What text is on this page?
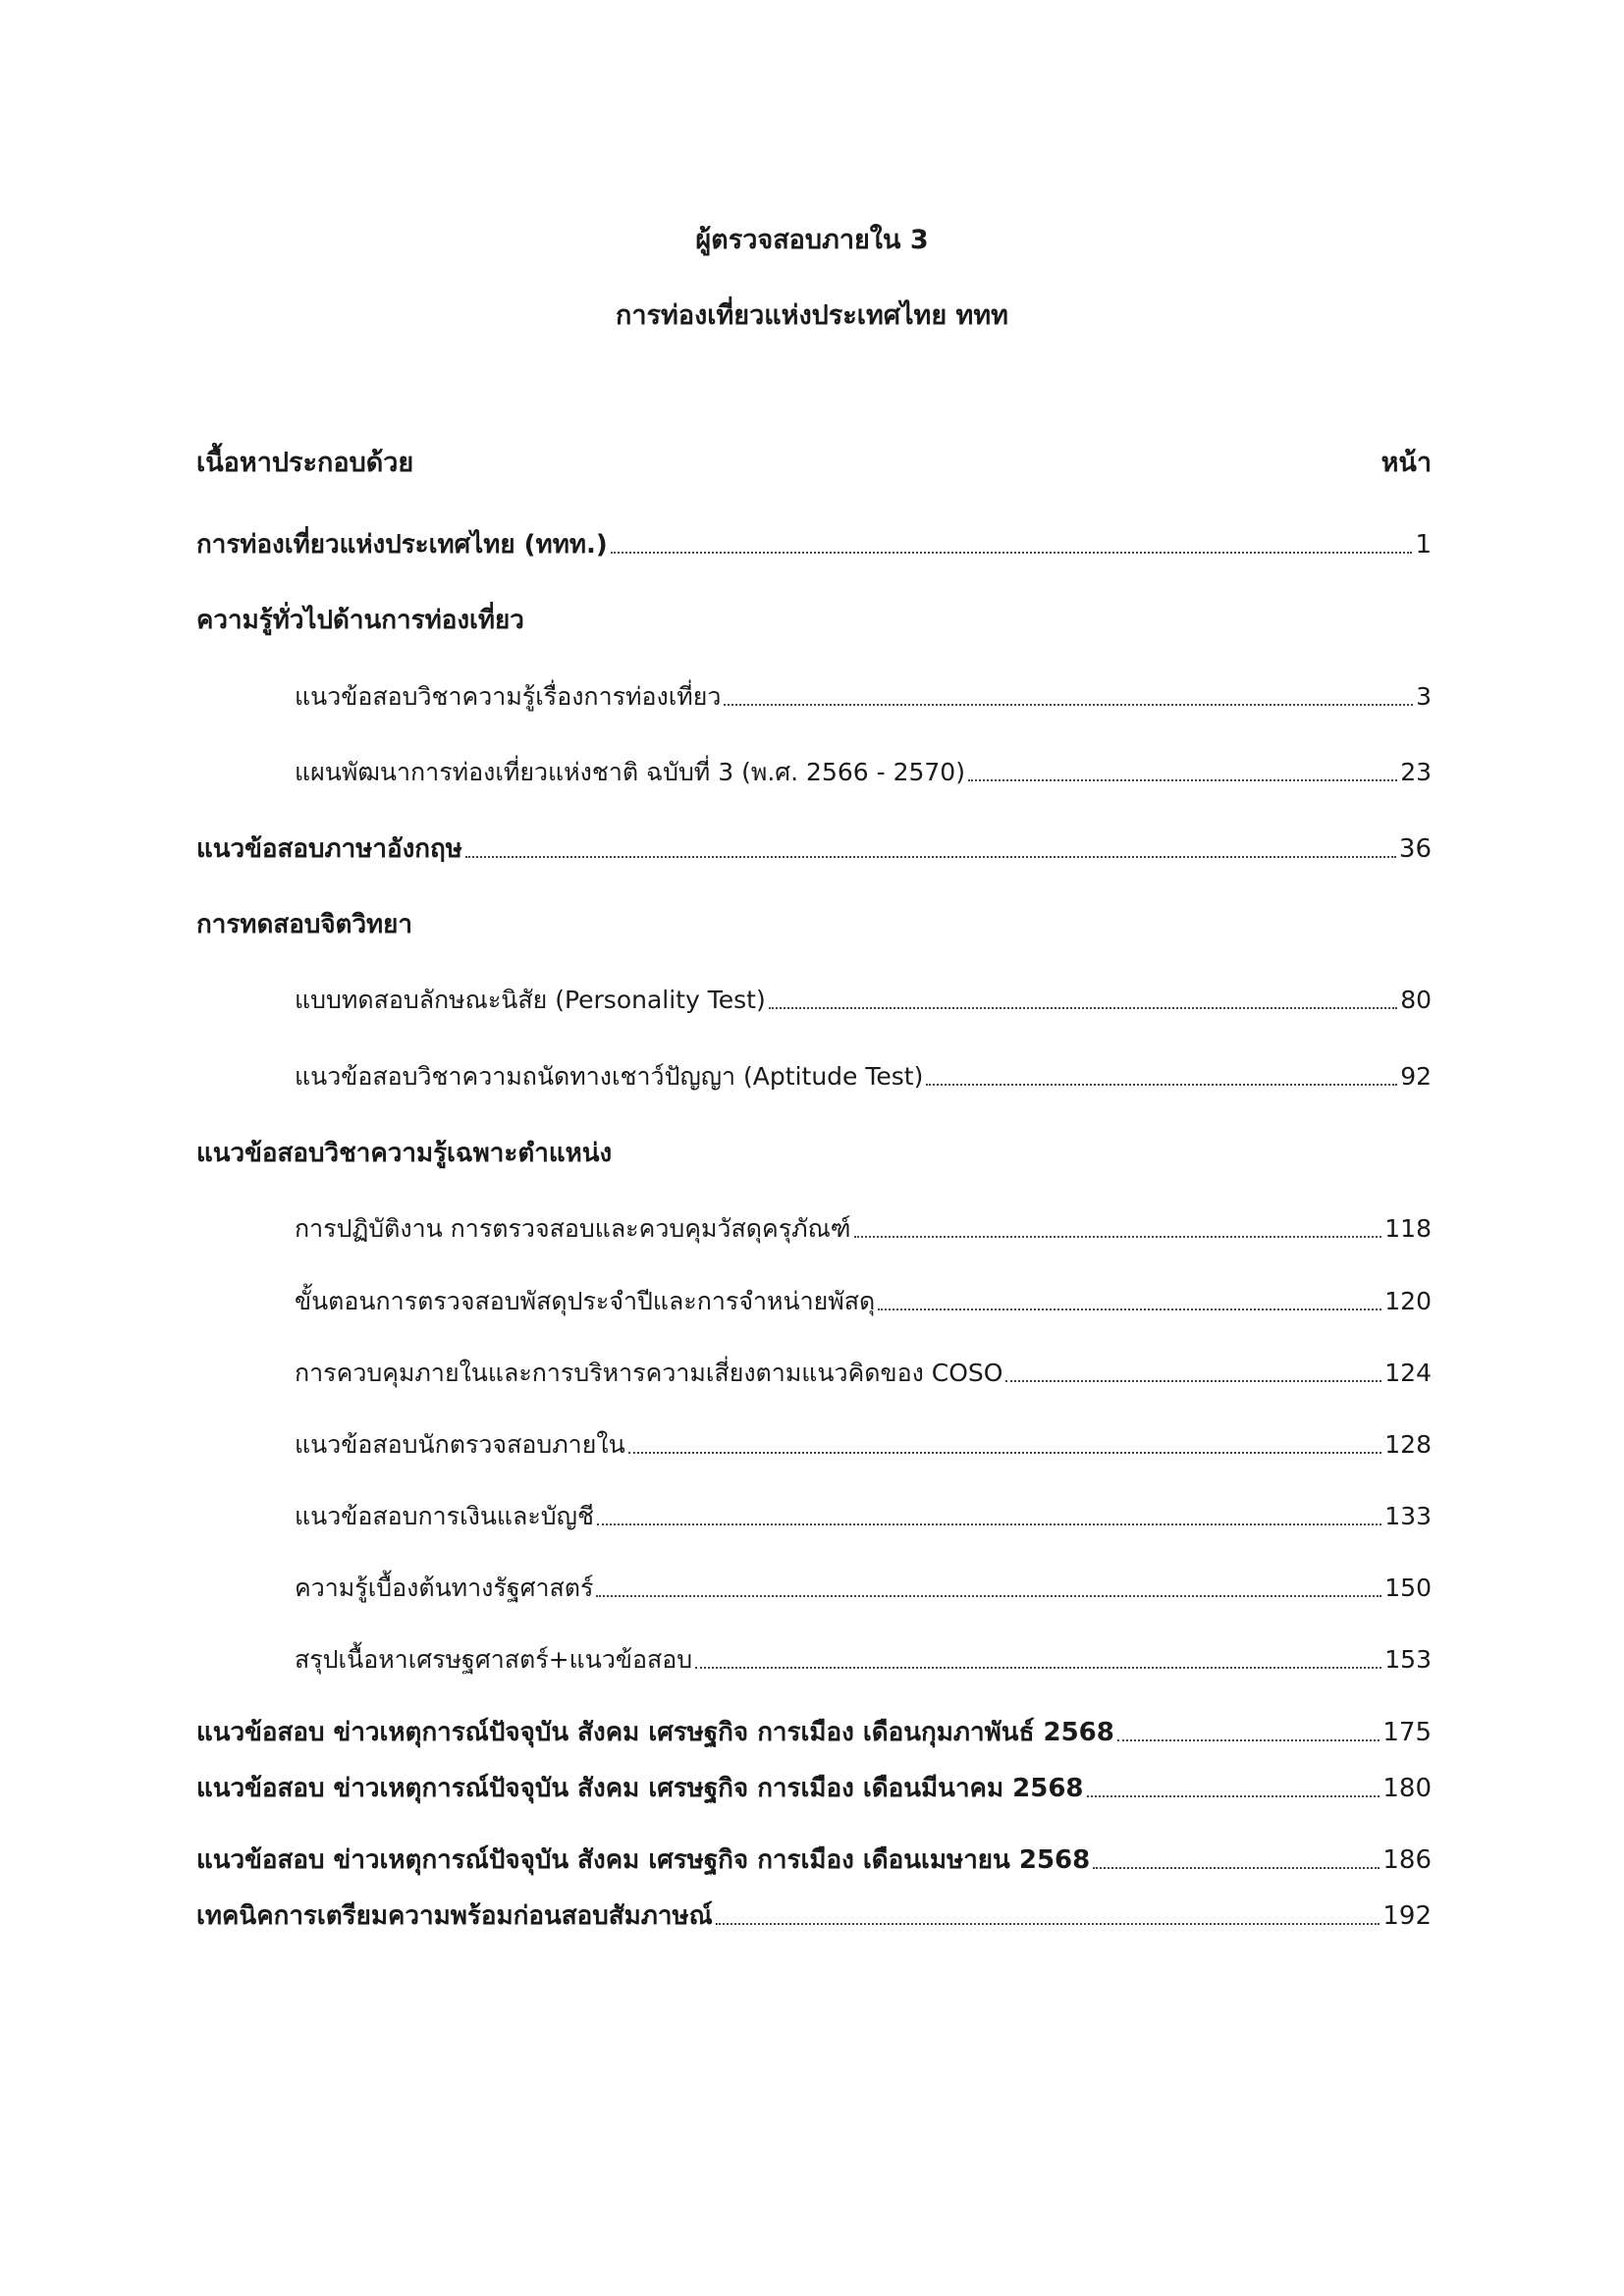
ผู้ตรวจสอบภายใน 3
การท่องเที่ยวแห่งประเทศไทย ททท
เนื้อหาประกอบด้วย	หน้า
การท่องเที่ยวแห่งประเทศไทย (ททท.)	1
ความรู้ทั่วไปด้านการท่องเที่ยว
แนวข้อสอบวิชาความรู้เรื่องการท่องเที่ยว	3
แผนพัฒนาการท่องเที่ยวแห่งชาติ ฉบับที่ 3 (พ.ศ. 2566 - 2570)	23
แนวข้อสอบภาษาอังกฤษ	36
การทดสอบจิตวิทยา
แบบทดสอบลักษณะนิสัย (Personality Test)	80
แนวข้อสอบวิชาความถนัดทางเชาว์ปัญญา (Aptitude Test)	92
แนวข้อสอบวิชาความรู้เฉพาะตำแหน่ง
การปฏิบัติงาน การตรวจสอบและควบคุมวัสดุครุภัณฑ์	118
ขั้นตอนการตรวจสอบพัสดุประจำปีและการจำหน่ายพัสดุ	120
การควบคุมภายในและการบริหารความเสี่ยงตามแนวคิดของ COSO	124
แนวข้อสอบนักตรวจสอบภายใน	128
แนวข้อสอบการเงินและบัญชี	133
ความรู้เบื้องต้นทางรัฐศาสตร์	150
สรุปเนื้อหาเศรษฐศาสตร์+แนวข้อสอบ	153
แนวข้อสอบ ข่าวเหตุการณ์ปัจจุบัน สังคม เศรษฐกิจ การเมือง เดือนกุมภาพันธ์ 2568	175
แนวข้อสอบ ข่าวเหตุการณ์ปัจจุบัน สังคม เศรษฐกิจ การเมือง เดือนมีนาคม 2568	180
แนวข้อสอบ ข่าวเหตุการณ์ปัจจุบัน สังคม เศรษฐกิจ การเมือง เดือนเมษายน 2568	186
เทคนิคการเตรียมความพร้อมก่อนสอบสัมภาษณ์	192
